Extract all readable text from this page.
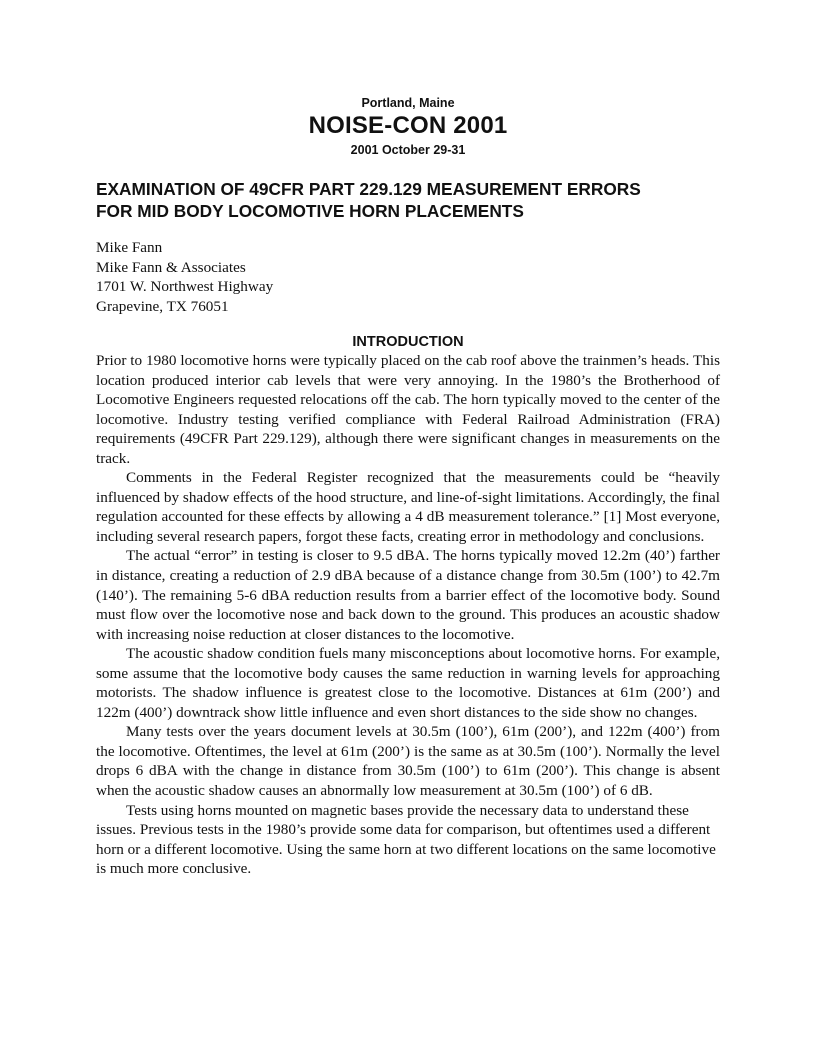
Portland, Maine
NOISE-CON 2001
2001 October 29-31
EXAMINATION OF 49CFR PART 229.129 MEASUREMENT ERRORS
FOR MID BODY LOCOMOTIVE HORN PLACEMENTS
Mike Fann
Mike Fann & Associates
1701 W. Northwest Highway
Grapevine, TX 76051
INTRODUCTION

Prior to 1980 locomotive horns were typically placed on the cab roof above the trainmen’s heads. This location produced interior cab levels that were very annoying. In the 1980’s the Brotherhood of Locomotive Engineers requested relocations off the cab. The horn typically moved to the center of the locomotive. Industry testing verified compliance with Federal Railroad Administration (FRA) requirements (49CFR Part 229.129), although there were significant changes in measurements on the track.

Comments in the Federal Register recognized that the measurements could be “heavily influenced by shadow effects of the hood structure, and line-of-sight limitations. Accordingly, the final regulation accounted for these effects by allowing a 4 dB measurement tolerance.” [1] Most everyone, including several research papers, forgot these facts, creating error in methodology and conclusions.

The actual “error” in testing is closer to 9.5 dBA. The horns typically moved 12.2m (40’) farther in distance, creating a reduction of 2.9 dBA because of a distance change from 30.5m (100’) to 42.7m (140’). The remaining 5-6 dBA reduction results from a barrier effect of the locomotive body. Sound must flow over the locomotive nose and back down to the ground. This produces an acoustic shadow with increasing noise reduction at closer distances to the locomotive.

The acoustic shadow condition fuels many misconceptions about locomotive horns. For example, some assume that the locomotive body causes the same reduction in warning levels for approaching motorists. The shadow influence is greatest close to the locomotive. Distances at 61m (200’) and 122m (400’) downtrack show little influence and even short distances to the side show no changes.

Many tests over the years document levels at 30.5m (100’), 61m (200’), and 122m (400’) from the locomotive. Oftentimes, the level at 61m (200’) is the same as at 30.5m (100’). Normally the level drops 6 dBA with the change in distance from 30.5m (100’) to 61m (200’). This change is absent when the acoustic shadow causes an abnormally low measurement at 30.5m (100’) of 6 dB.

Tests using horns mounted on magnetic bases provide the necessary data to understand these issues. Previous tests in the 1980’s provide some data for comparison, but oftentimes used a different horn or a different locomotive. Using the same horn at two different locations on the same locomotive is much more conclusive.
